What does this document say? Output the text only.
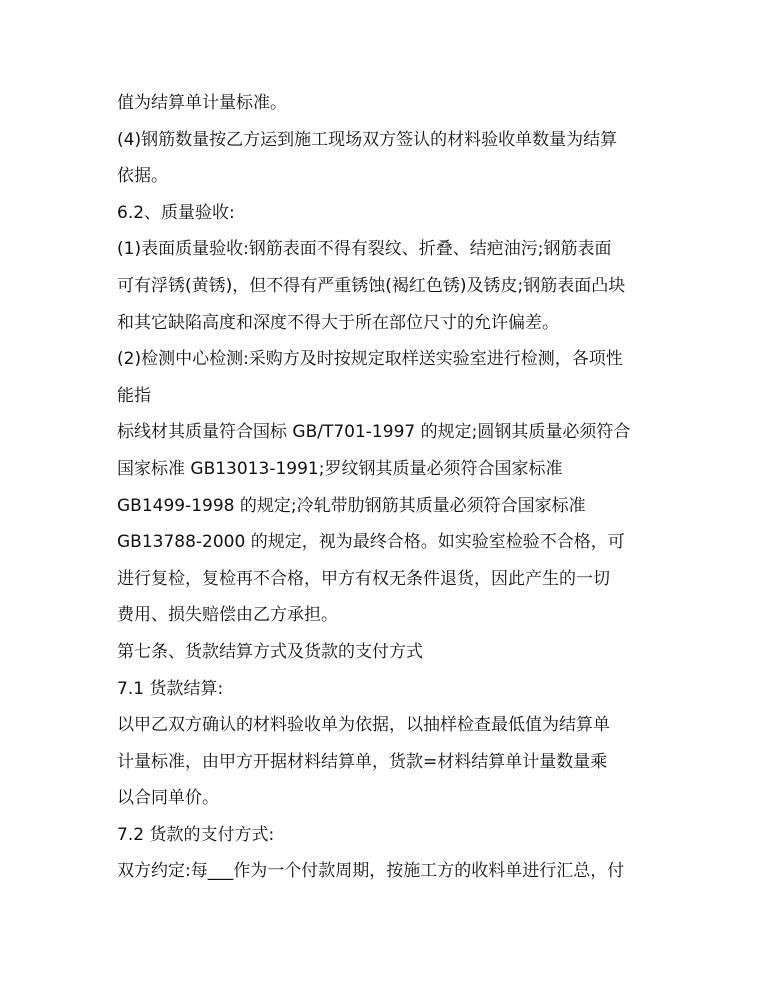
值为结算单计量标准。
(4)钢筋数量按乙方运到施工现场双方签认的材料验收单数量为结算
依据。
6.2、质量验收:
(1)表面质量验收:钢筋表面不得有裂纹、折叠、结疤油污;钢筋表面
可有浮锈(黄锈)，但不得有严重锈蚀(褐红色锈)及锈皮;钢筋表面凸块
和其它缺陷高度和深度不得大于所在部位尺寸的允许偏差。
(2)检测中心检测:采购方及时按规定取样送实验室进行检测，各项性
能指
标线材其质量符合国标 GB/T701-1997 的规定;圆钢其质量必须符合
国家标准 GB13013-1991;罗纹钢其质量必须符合国家标准
GB1499-1998 的规定;冷轧带肋钢筋其质量必须符合国家标准
GB13788-2000 的规定，视为最终合格。如实验室检验不合格，可
进行复检，复检再不合格，甲方有权无条件退货，因此产生的一切
费用、损失赔偿由乙方承担。
第七条、货款结算方式及货款的支付方式
7.1 货款结算:
以甲乙双方确认的材料验收单为依据，以抽样检查最低值为结算单
计量标准，由甲方开据材料结算单，货款=材料结算单计量数量乘
以合同单价。
7.2 货款的支付方式:
双方约定:每___作为一个付款周期，按施工方的收料单进行汇总，付
